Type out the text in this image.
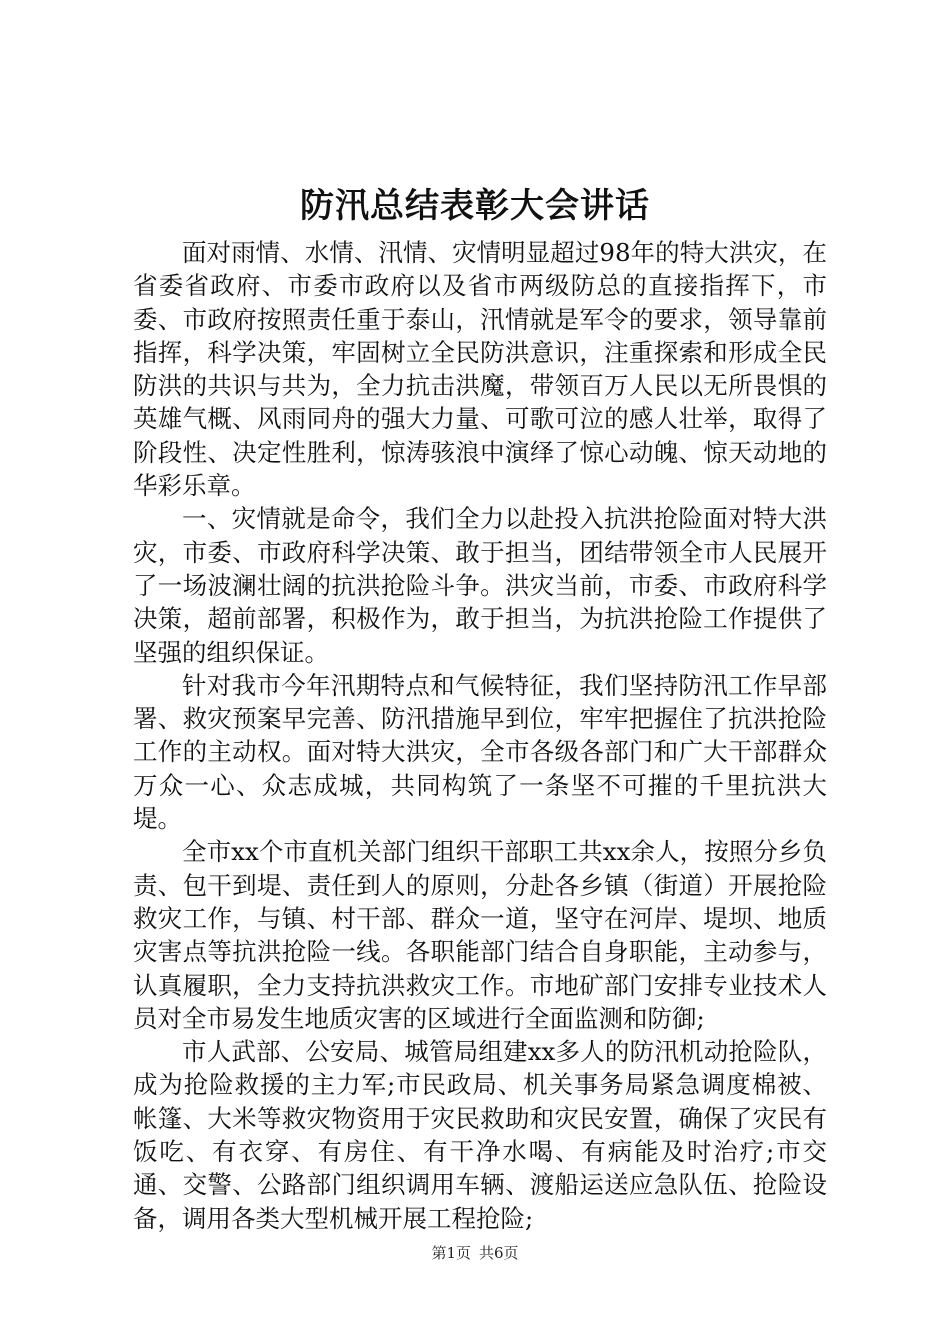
防汛总结表彰大会讲话

面对雨情、水情、汛情、灾情明显超过98年的特大洪灾，在省委省政府、市委市政府以及省市两级防总的直接指挥下，市委、市政府按照责任重于泰山，汛情就是军令的要求，领导靠前指挥，科学决策，牢固树立全民防洪意识，注重探索和形成全民防洪的共识与共为，全力抗击洪魔，带领百万人民以无所畏惧的英雄气概、风雨同舟的强大力量、可歌可泣的感人壮举，取得了阶段性、决定性胜利，惊涛骇浪中演绎了惊心动魄、惊天动地的华彩乐章。

一、灾情就是命令，我们全力以赴投入抗洪抢险面对特大洪灾，市委、市政府科学决策、敢于担当，团结带领全市人民展开了一场波澜壮阔的抗洪抢险斗争。洪灾当前，市委、市政府科学决策，超前部署，积极作为，敢于担当，为抗洪抢险工作提供了坚强的组织保证。

针对我市今年汛期特点和气候特征，我们坚持防汛工作早部署、救灾预案早完善、防汛措施早到位，牢牢把握住了抗洪抢险工作的主动权。面对特大洪灾，全市各级各部门和广大干部群众万众一心、众志成城，共同构筑了一条坚不可摧的千里抗洪大堤。

全市xx个市直机关部门组织干部职工共xx余人，按照分乡负责、包干到堤、责任到人的原则，分赴各乡镇（街道）开展抢险救灾工作，与镇、村干部、群众一道，坚守在河岸、堤坝、地质灾害点等抗洪抢险一线。各职能部门结合自身职能，主动参与，认真履职，全力支持抗洪救灾工作。市地矿部门安排专业技术人员对全市易发生地质灾害的区域进行全面监测和防御;

市人武部、公安局、城管局组建xx多人的防汛机动抢险队，成为抢险救援的主力军;市民政局、机关事务局紧急调度棉被、帐篷、大米等救灾物资用于灾民救助和灾民安置，确保了灾民有饭吃、有衣穿、有房住、有干净水喝、有病能及时治疗;市交通、交警、公路部门组织调用车辆、渡船运送应急队伍、抢险设备，调用各类大型机械开展工程抢险;

第1页 共6页
